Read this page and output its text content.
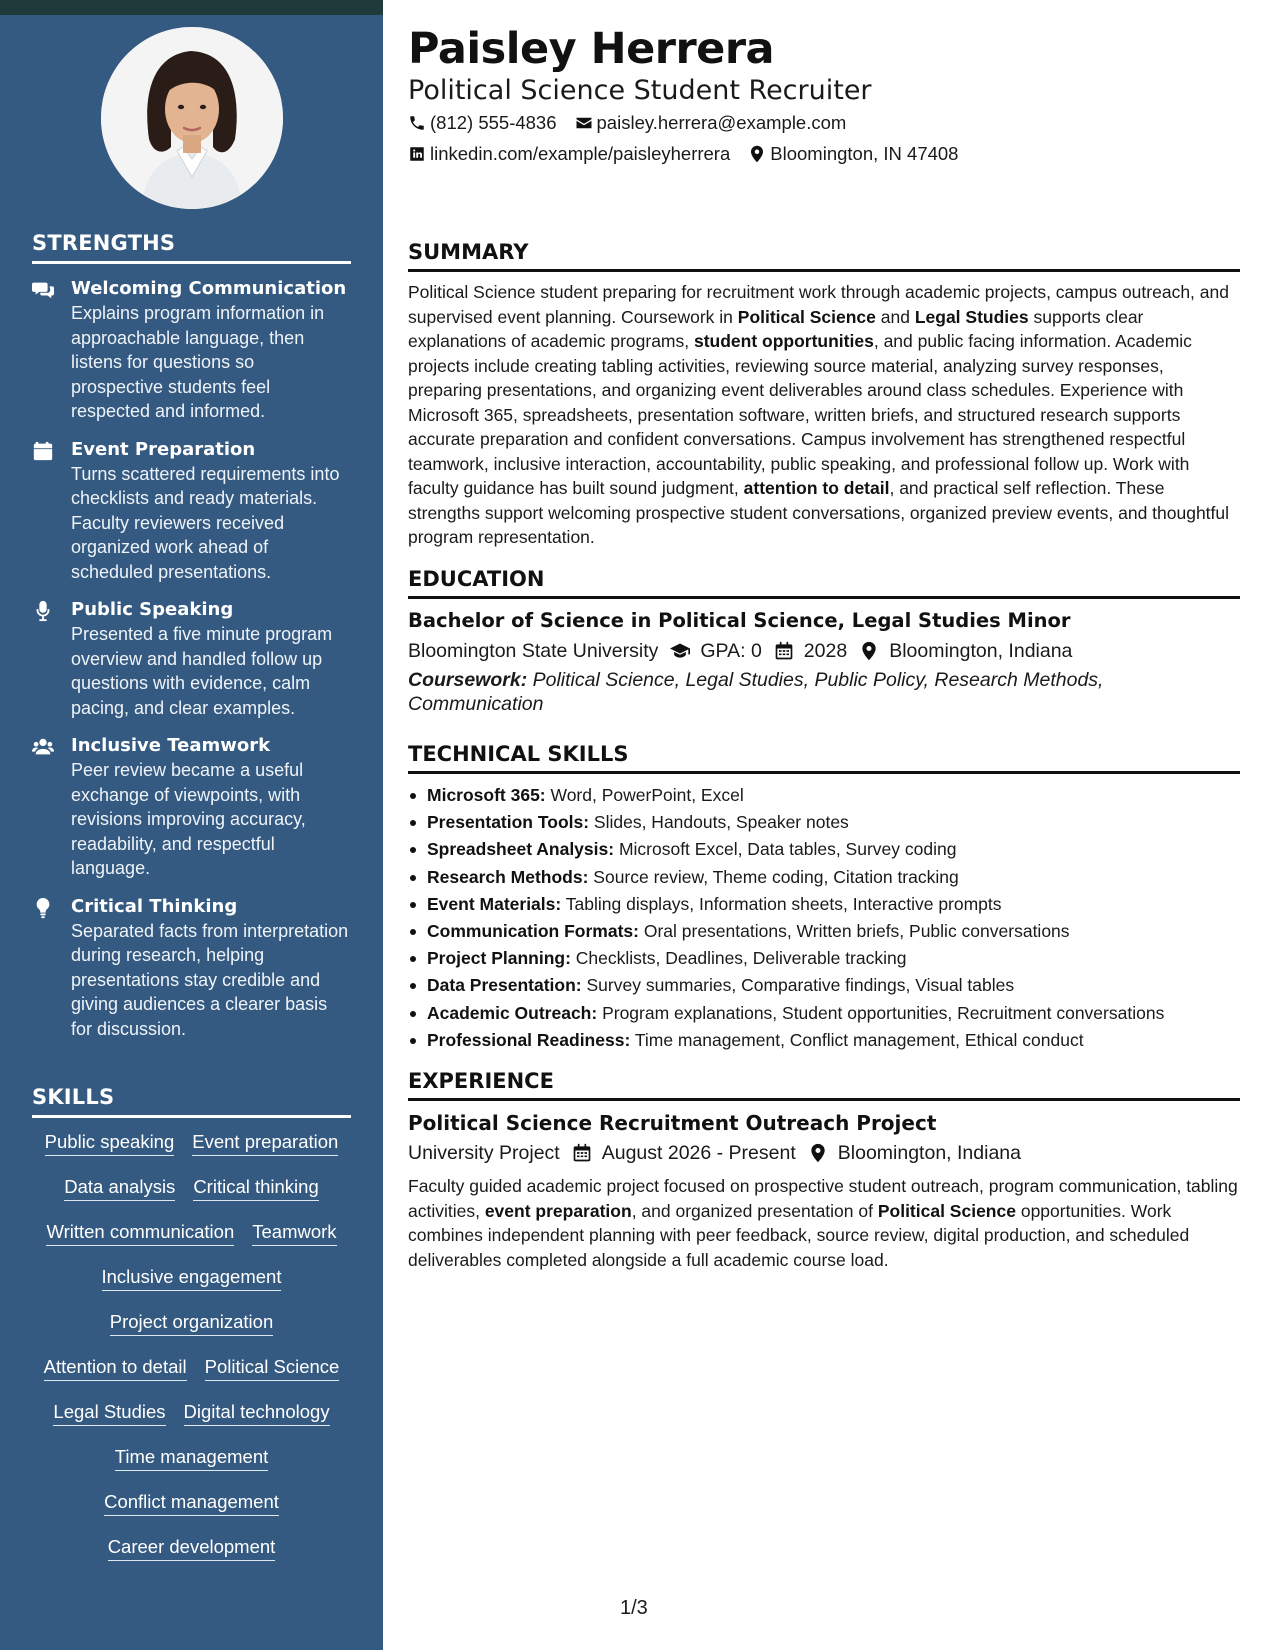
STRENGTHS
Welcoming Communication
Explains program information in approachable language, then listens for questions so prospective students feel respected and informed.
Event Preparation
Turns scattered requirements into checklists and ready materials. Faculty reviewers received organized work ahead of scheduled presentations.
Public Speaking
Presented a five minute program overview and handled follow up questions with evidence, calm pacing, and clear examples.
Inclusive Teamwork
Peer review became a useful exchange of viewpoints, with revisions improving accuracy, readability, and respectful language.
Critical Thinking
Separated facts from interpretation during research, helping presentations stay credible and giving audiences a clearer basis for discussion.
SKILLS
Public speaking Event preparation
Data analysis Critical thinking
Written communication Teamwork
Inclusive engagement
Project organization
Attention to detail Political Science
Legal Studies Digital technology
Time management
Conflict management
Career development
Paisley Herrera
Political Science Student Recruiter
(812) 555-4836 paisley.herrera@example.com
linkedin.com/example/paisleyherrera Bloomington, IN 47408
SUMMARY

Political Science student preparing for recruitment work through academic projects, campus outreach, and supervised event planning. Coursework in Political Science and Legal Studies supports clear explanations of academic programs, student opportunities, and public facing information. Academic projects include creating tabling activities, reviewing source material, analyzing survey responses, preparing presentations, and organizing event deliverables around class schedules. Experience with Microsoft 365, spreadsheets, presentation software, written briefs, and structured research supports accurate preparation and confident conversations. Campus involvement has strengthened respectful teamwork, inclusive interaction, accountability, public speaking, and professional follow up. Work with faculty guidance has built sound judgment, attention to detail, and practical self reflection. These strengths support welcoming prospective student conversations, organized preview events, and thoughtful program representation.

EDUCATION
Bachelor of Science in Political Science, Legal Studies Minor
Bloomington State University GPA: 0 2028 Bloomington, Indiana
Coursework: Political Science, Legal Studies, Public Policy, Research Methods, Communication
TECHNICAL SKILLS
Microsoft 365: Word, PowerPoint, Excel
Presentation Tools: Slides, Handouts, Speaker notes
Spreadsheet Analysis: Microsoft Excel, Data tables, Survey coding
Research Methods: Source review, Theme coding, Citation tracking
Event Materials: Tabling displays, Information sheets, Interactive prompts
Communication Formats: Oral presentations, Written briefs, Public conversations
Project Planning: Checklists, Deadlines, Deliverable tracking
Data Presentation: Survey summaries, Comparative findings, Visual tables
Academic Outreach: Program explanations, Student opportunities, Recruitment conversations
Professional Readiness: Time management, Conflict management, Ethical conduct
EXPERIENCE
Political Science Recruitment Outreach Project
University Project August 2026 - Present Bloomington, Indiana

Faculty guided academic project focused on prospective student outreach, program communication, tabling activities, event preparation, and organized presentation of Political Science opportunities. Work combines independent planning with peer feedback, source review, digital production, and scheduled deliverables completed alongside a full academic course load.

1/3
